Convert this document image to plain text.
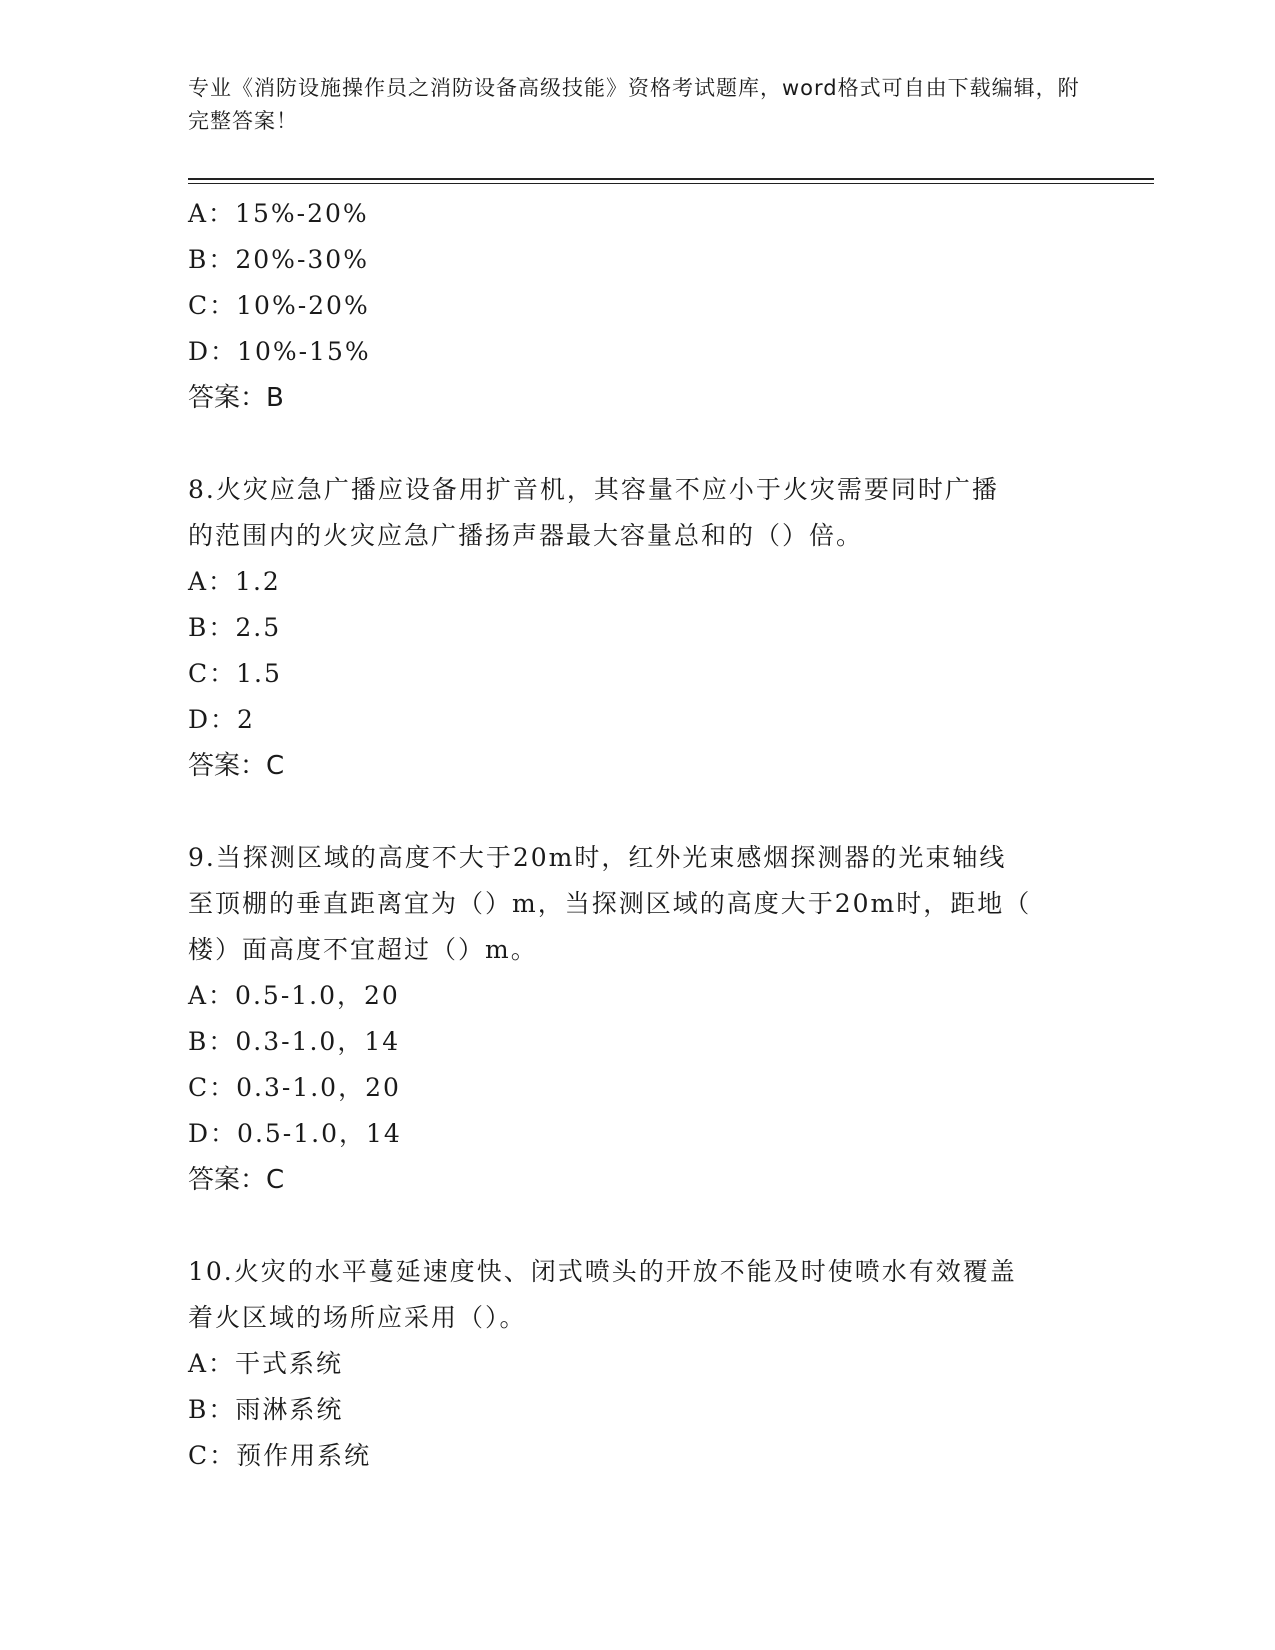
专业《消防设施操作员之消防设备高级技能》资格考试题库，word格式可自由下载编辑，附完整答案！

A：15%-20%

B：20%-30%

C：10%-20%

D：10%-15%

答案：B

8.火灾应急广播应设备用扩音机，其容量不应小于火灾需要同时广播

的范围内的火灾应急广播扬声器最大容量总和的（）倍。

A：1.2

B：2.5

C：1.5

D：2

答案：C

9.当探测区域的高度不大于20m时，红外光束感烟探测器的光束轴线

至顶棚的垂直距离宜为（）m，当探测区域的高度大于20m时，距地（

楼）面高度不宜超过（）m。

A：0.5-1.0，20

B：0.3-1.0，14

C：0.3-1.0，20

D：0.5-1.0，14

答案：C

10.火灾的水平蔓延速度快、闭式喷头的开放不能及时使喷水有效覆盖

着火区域的场所应采用（）。

A：干式系统

B：雨淋系统

C：预作用系统
